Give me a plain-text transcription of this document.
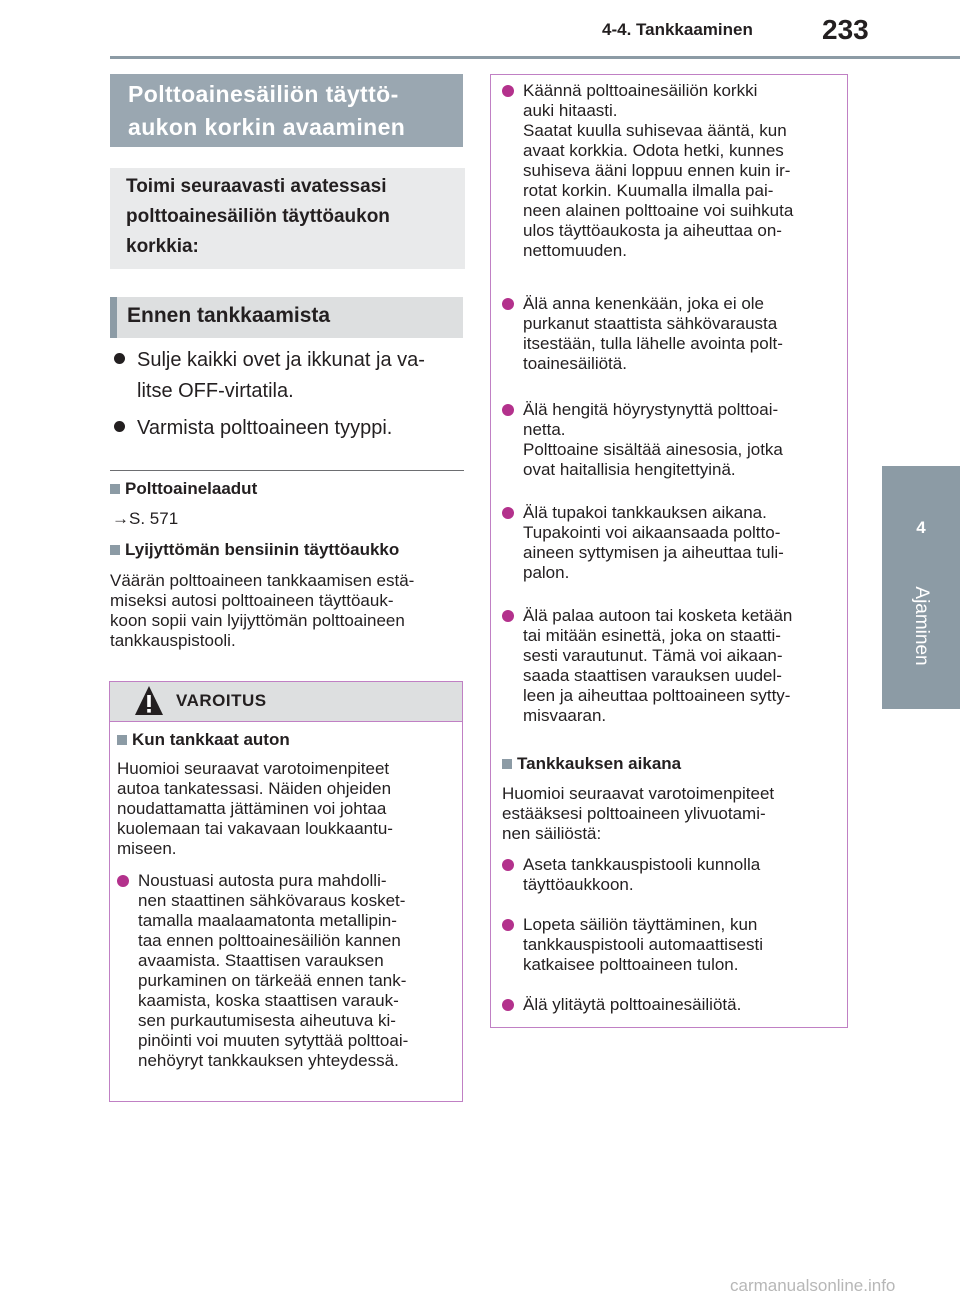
4-4. Tankkaaminen 233
4
Ajaminen
Polttoainesäiliön täyttö-
aukon korkin avaaminen
Toimi seuraavasti avatessasi
polttoainesäiliön täyttöaukon
korkkia:
Ennen tankkaamista
Sulje kaikki ovet ja ikkunat ja va-
litse OFF-virtatila.
Varmista polttoaineen tyyppi.
Polttoainelaadut
→S. 571
Lyijyttömän bensiinin täyttöaukko
Väärän polttoaineen tankkaamisen estä-
miseksi autosi polttoaineen täyttöauk-
koon sopii vain lyijyttömän polttoaineen
tankkauspistooli.
VAROITUS
Kun tankkaat auton
Huomioi seuraavat varotoimenpiteet
autoa tankatessasi. Näiden ohjeiden
noudattamatta jättäminen voi johtaa
kuolemaan tai vakavaan loukkaantu-
miseen.
Noustuasi autosta pura mahdolli-
nen staattinen sähkövaraus kosket-
tamalla maalaamatonta metallipin-
taa ennen polttoainesäiliön kannen
avaamista. Staattisen varauksen
purkaminen on tärkeää ennen tank-
kaamista, koska staattisen varauk-
sen purkautumisesta aiheutuva ki-
pinöinti voi muuten sytyttää polttoai-
nehöyryt tankkauksen yhteydessä.
Käännä polttoainesäiliön korkki
auki hitaasti.
Saatat kuulla suhisevaa ääntä, kun
avaat korkkia. Odota hetki, kunnes
suhiseva ääni loppuu ennen kuin ir-
rotat korkin. Kuumalla ilmalla pai-
neen alainen polttoaine voi suihkuta
ulos täyttöaukosta ja aiheuttaa on-
nettomuuden.
Älä anna kenenkään, joka ei ole
purkanut staattista sähkövarausta
itsestään, tulla lähelle avointa polt-
toainesäiliötä.
Älä hengitä höyrystynyttä polttoai-
netta.
Polttoaine sisältää ainesosia, jotka
ovat haitallisia hengitettyinä.
Älä tupakoi tankkauksen aikana.
Tupakointi voi aikaansaada poltto-
aineen syttymisen ja aiheuttaa tuli-
palon.
Älä palaa autoon tai kosketa ketään
tai mitään esinettä, joka on staatti-
sesti varautunut. Tämä voi aikaan-
saada staattisen varauksen uudel-
leen ja aiheuttaa polttoaineen sytty-
misvaaran.
Tankkauksen aikana
Huomioi seuraavat varotoimenpiteet
estääksesi polttoaineen ylivuotami-
nen säiliöstä:
Aseta tankkauspistooli kunnolla
täyttöaukkoon.
Lopeta säiliön täyttäminen, kun
tankkauspistooli automaattisesti
katkaisee polttoaineen tulon.
Älä ylitäytä polttoainesäiliötä.
carmanualsonline.info
